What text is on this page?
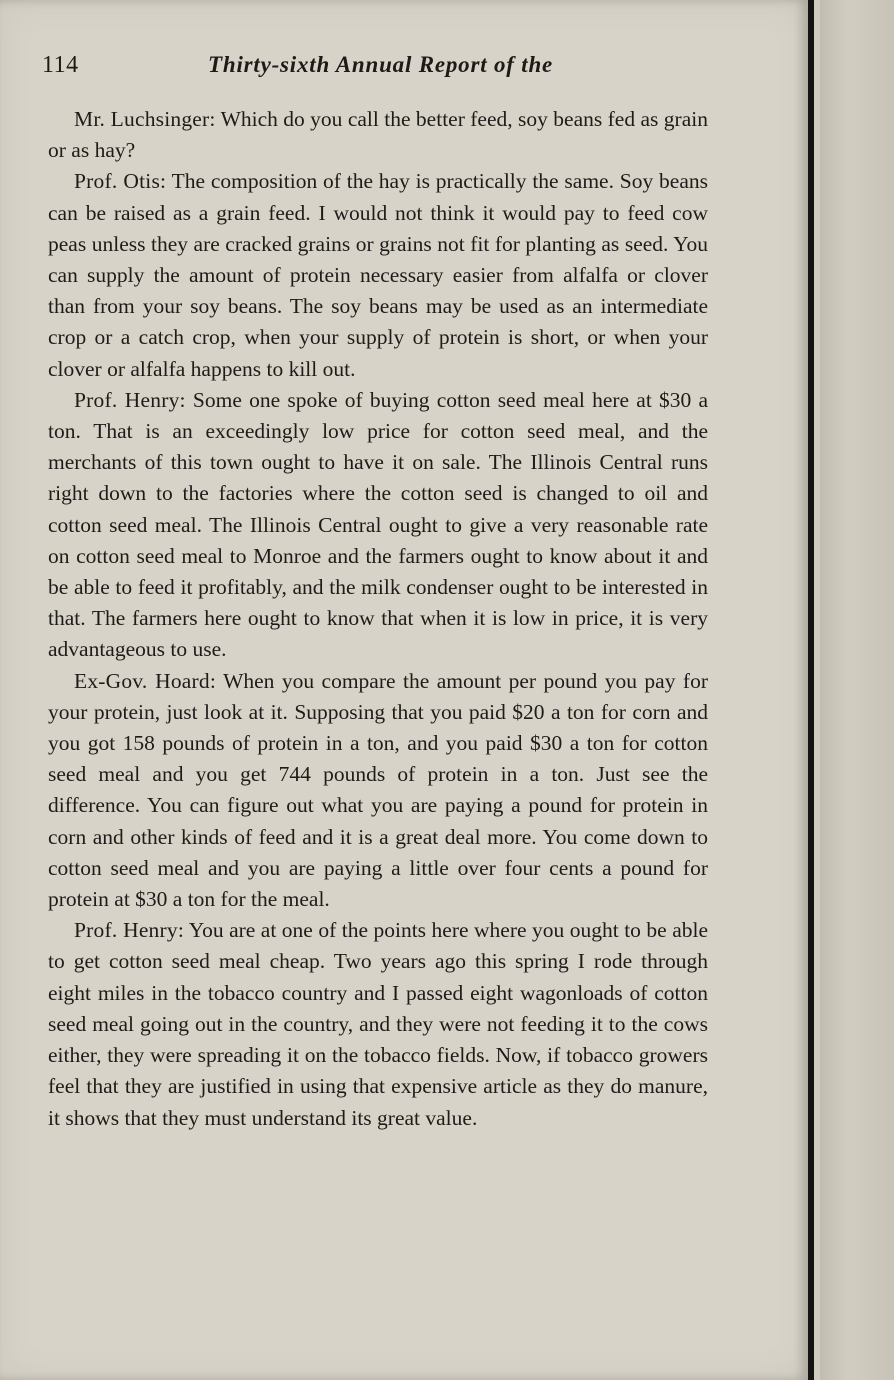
114	Thirty-sixth Annual Report of the

Mr. Luchsinger: Which do you call the better feed, soy beans fed as grain or as hay?

Prof. Otis: The composition of the hay is practically the same. Soy beans can be raised as a grain feed. I would not think it would pay to feed cow peas unless they are cracked grains or grains not fit for planting as seed. You can supply the amount of protein necessary easier from alfalfa or clover than from your soy beans. The soy beans may be used as an intermediate crop or a catch crop, when your supply of protein is short, or when your clover or alfalfa happens to kill out.

Prof. Henry: Some one spoke of buying cotton seed meal here at $30 a ton. That is an exceedingly low price for cotton seed meal, and the merchants of this town ought to have it on sale. The Illinois Central runs right down to the factories where the cotton seed is changed to oil and cotton seed meal. The Illinois Central ought to give a very reasonable rate on cotton seed meal to Monroe and the farmers ought to know about it and be able to feed it profitably, and the milk condenser ought to be interested in that. The farmers here ought to know that when it is low in price, it is very advantageous to use.

Ex-Gov. Hoard: When you compare the amount per pound you pay for your protein, just look at it. Supposing that you paid $20 a ton for corn and you got 158 pounds of protein in a ton, and you paid $30 a ton for cotton seed meal and you get 744 pounds of protein in a ton. Just see the difference. You can figure out what you are paying a pound for protein in corn and other kinds of feed and it is a great deal more. You come down to cotton seed meal and you are paying a little over four cents a pound for protein at $30 a ton for the meal.

Prof. Henry: You are at one of the points here where you ought to be able to get cotton seed meal cheap. Two years ago this spring I rode through eight miles in the tobacco country and I passed eight wagonloads of cotton seed meal going out in the country, and they were not feeding it to the cows either, they were spreading it on the tobacco fields. Now, if tobacco growers feel that they are justified in using that expensive article as they do manure, it shows that they must understand its great value.
